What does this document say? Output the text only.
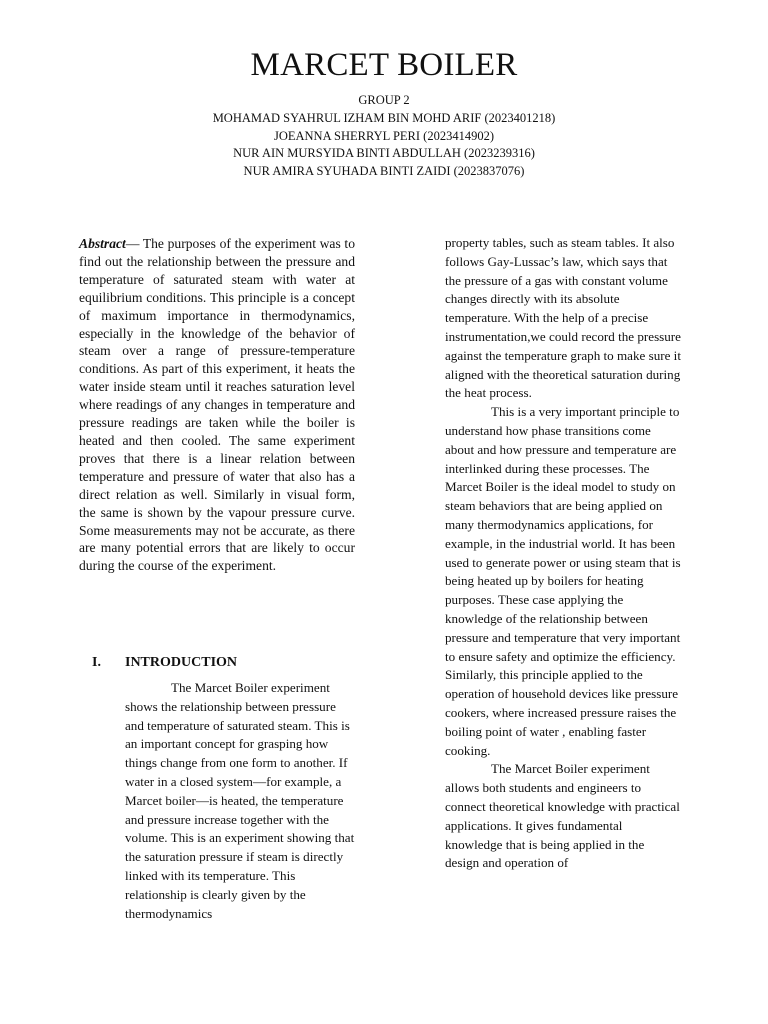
MARCET BOILER
GROUP 2
MOHAMAD SYAHRUL IZHAM BIN MOHD ARIF (2023401218)
JOEANNA SHERRYL PERI (2023414902)
NUR AIN MURSYIDA BINTI ABDULLAH (2023239316)
NUR AMIRA SYUHADA BINTI ZAIDI (2023837076)
Abstract— The purposes of the experiment was to find out the relationship between the pressure and temperature of saturated steam with water at equilibrium conditions. This principle is a concept of maximum importance in thermodynamics, especially in the knowledge of the behavior of steam over a range of pressure-temperature conditions. As part of this experiment, it heats the water inside steam until it reaches saturation level where readings of any changes in temperature and pressure readings are taken while the boiler is heated and then cooled. The same experiment proves that there is a linear relation between temperature and pressure of water that also has a direct relation as well. Similarly in visual form, the same is shown by the vapour pressure curve. Some measurements may not be accurate, as there are many potential errors that are likely to occur during the course of the experiment.
I. INTRODUCTION

The Marcet Boiler experiment shows the relationship between pressure and temperature of saturated steam. This is an important concept for grasping how things change from one form to another. If water in a closed system—for example, a Marcet boiler—is heated, the temperature and pressure increase together with the volume. This is an experiment showing that the saturation pressure if steam is directly linked with its temperature. This relationship is clearly given by the thermodynamics

property tables, such as steam tables. It also follows Gay-Lussac’s law, which says that the pressure of a gas with constant volume changes directly with its absolute temperature. With the help of a precise instrumentation,we could record the pressure against the temperature graph to make sure it aligned with the theoretical saturation during the heat process.

This is a very important principle to understand how phase transitions come about and how pressure and temperature are interlinked during these processes. The Marcet Boiler is the ideal model to study on steam behaviors that are being applied on many thermodynamics applications, for example, in the industrial world. It has been used to generate power or using steam that is being heated up by boilers for heating purposes. These case applying the knowledge of the relationship between pressure and temperature that very important to ensure safety and optimize the efficiency. Similarly, this principle applied to the operation of household devices like pressure cookers, where increased pressure raises the boiling point of water , enabling faster cooking.

The Marcet Boiler experiment allows both students and engineers to connect theoretical knowledge with practical applications. It gives fundamental knowledge that is being applied in the design and operation of
